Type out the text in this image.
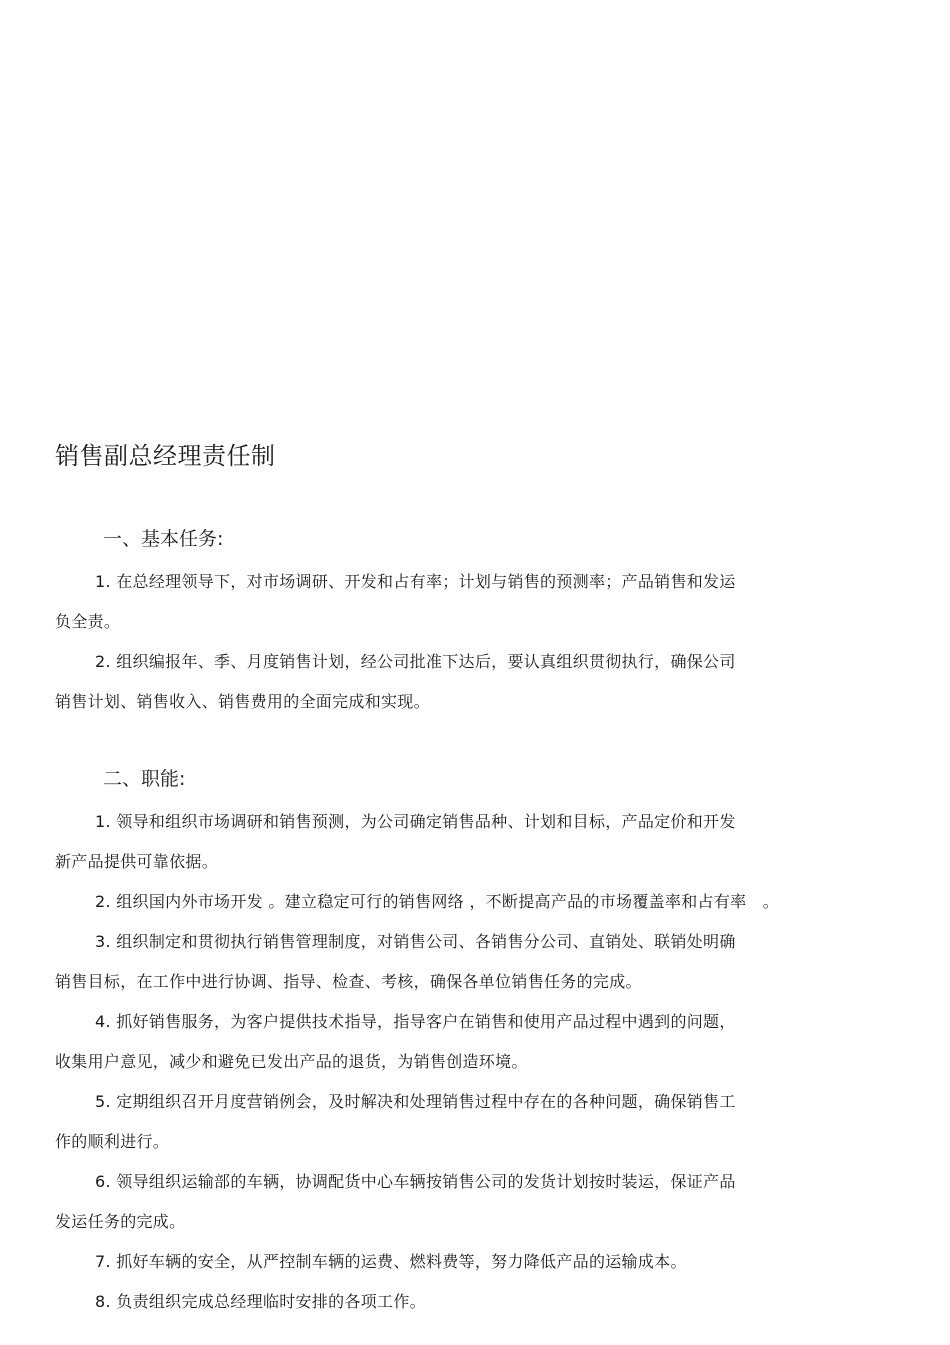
销售副总经理责任制
一、基本任务:
1. 在总经理领导下，对市场调研、开发和占有率；计划与销售的预测率；产品销售和发运
负全责。
2. 组织编报年、季、月度销售计划，经公司批准下达后，要认真组织贯彻执行，确保公司
销售计划、销售收入、销售费用的全面完成和实现。
二、职能:
1. 领导和组织市场调研和销售预测，为公司确定销售品种、计划和目标，产品定价和开发
新产品提供可靠依据。
2. 组织国内外市场开发 。建立稳定可行的销售网络 ，不断提高产品的市场覆盖率和占有率　。
3. 组织制定和贯彻执行销售管理制度，对销售公司、各销售分公司、直销处、联销处明确
销售目标，在工作中进行协调、指导、检查、考核，确保各单位销售任务的完成。
4. 抓好销售服务，为客户提供技术指导，指导客户在销售和使用产品过程中遇到的问题，
收集用户意见，减少和避免已发出产品的退货，为销售创造环境。
5. 定期组织召开月度营销例会，及时解决和处理销售过程中存在的各种问题，确保销售工
作的顺利进行。
6. 领导组织运输部的车辆，协调配货中心车辆按销售公司的发货计划按时装运，保证产品
发运任务的完成。
7. 抓好车辆的安全，从严控制车辆的运费、燃料费等，努力降低产品的运输成本。
8. 负责组织完成总经理临时安排的各项工作。
